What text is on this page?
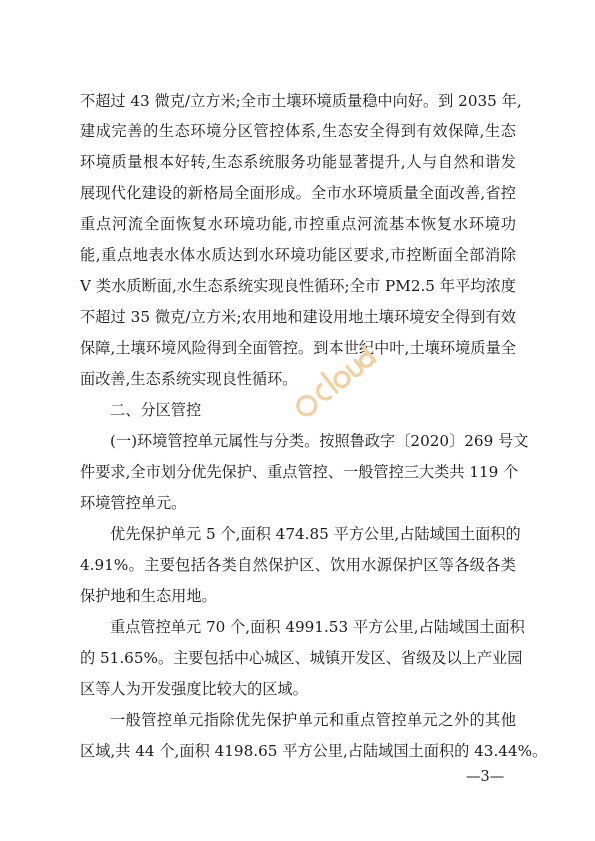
不超过 43 微克/立方米;全市土壤环境质量稳中向好。到 2035 年,
建成完善的生态环境分区管控体系,生态安全得到有效保障,生态
环境质量根本好转,生态系统服务功能显著提升,人与自然和谐发
展现代化建设的新格局全面形成。全市水环境质量全面改善,省控
重点河流全面恢复水环境功能,市控重点河流基本恢复水环境功
能,重点地表水体水质达到水环境功能区要求,市控断面全部消除
V 类水质断面,水生态系统实现良性循环;全市 PM2.5 年平均浓度
不超过 35 微克/立方米;农用地和建设用地土壤环境安全得到有效
保障,土壤环境风险得到全面管控。到本世纪中叶,土壤环境质量全
面改善,生态系统实现良性循环。
二、分区管控
(一)环境管控单元属性与分类。按照鲁政字〔2020〕269 号文
件要求,全市划分优先保护、重点管控、一般管控三大类共 119 个
环境管控单元。
优先保护单元 5 个,面积 474.85 平方公里,占陆域国土面积的
4.91%。主要包括各类自然保护区、饮用水源保护区等各级各类
保护地和生态用地。
重点管控单元 70 个,面积 4991.53 平方公里,占陆域国土面积
的 51.65%。主要包括中心城区、城镇开发区、省级及以上产业园
区等人为开发强度比较大的区域。
一般管控单元指除优先保护单元和重点管控单元之外的其他
区域,共 44 个,面积 4198.65 平方公里,占陆域国土面积的 43.44%。
—3—
